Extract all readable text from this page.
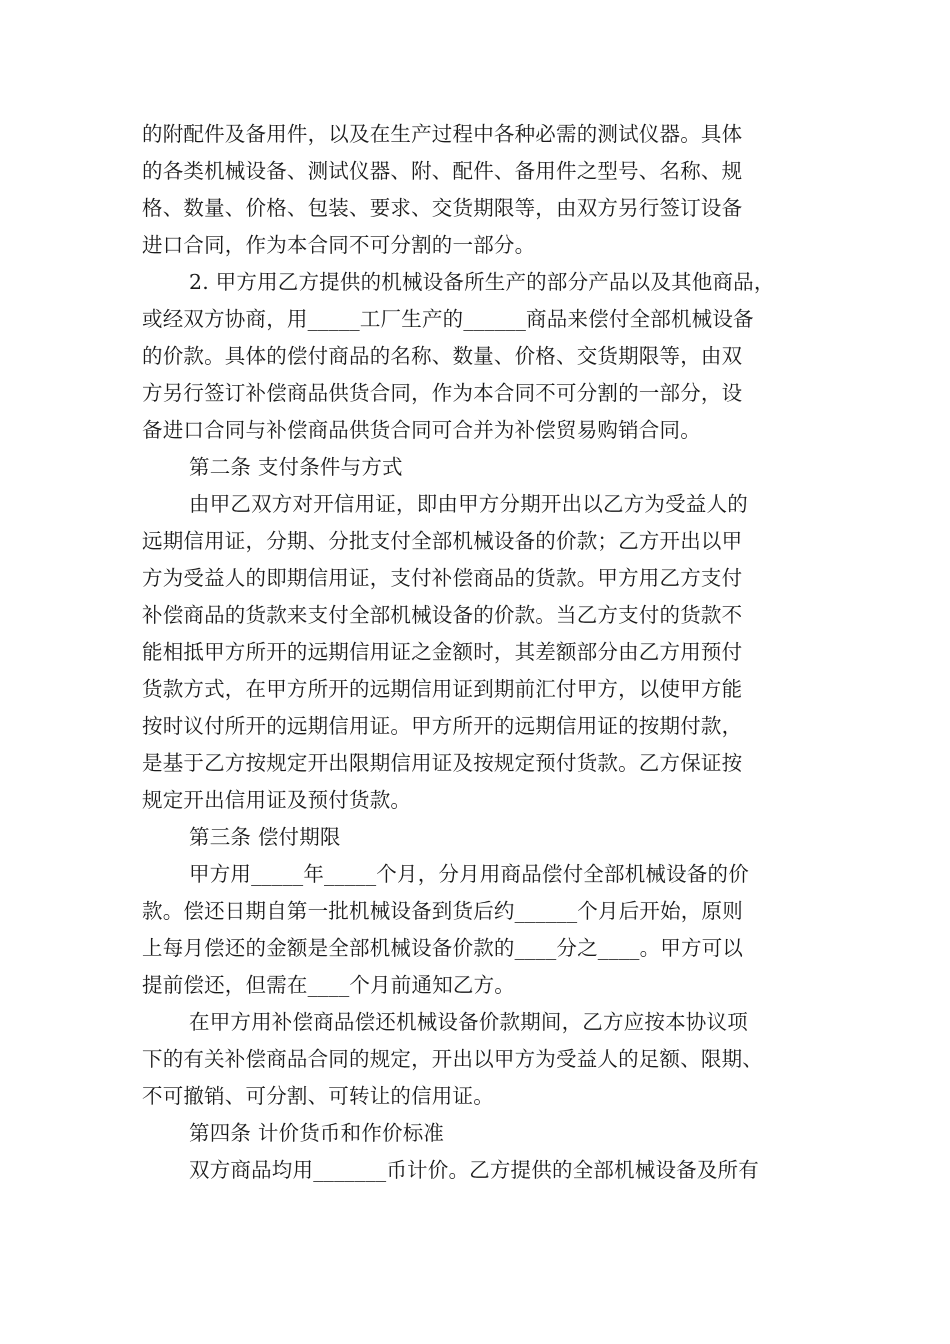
的附配件及备用件，以及在生产过程中各种必需的测试仪器。具体
的各类机械设备、测试仪器、附、配件、备用件之型号、名称、规
格、数量、价格、包装、要求、交货期限等，由双方另行签订设备
进口合同，作为本合同不可分割的一部分。
2. 甲方用乙方提供的机械设备所生产的部分产品以及其他商品，
或经双方协商，用_____工厂生产的______商品来偿付全部机械设备
的价款。具体的偿付商品的名称、数量、价格、交货期限等，由双
方另行签订补偿商品供货合同，作为本合同不可分割的一部分，设
备进口合同与补偿商品供货合同可合并为补偿贸易购销合同。
第二条 支付条件与方式
由甲乙双方对开信用证，即由甲方分期开出以乙方为受益人的
远期信用证，分期、分批支付全部机械设备的价款；乙方开出以甲
方为受益人的即期信用证，支付补偿商品的货款。甲方用乙方支付
补偿商品的货款来支付全部机械设备的价款。当乙方支付的货款不
能相抵甲方所开的远期信用证之金额时，其差额部分由乙方用预付
货款方式，在甲方所开的远期信用证到期前汇付甲方，以使甲方能
按时议付所开的远期信用证。甲方所开的远期信用证的按期付款，
是基于乙方按规定开出限期信用证及按规定预付货款。乙方保证按
规定开出信用证及预付货款。
第三条 偿付期限
甲方用_____年_____个月，分月用商品偿付全部机械设备的价
款。偿还日期自第一批机械设备到货后约______个月后开始，原则
上每月偿还的金额是全部机械设备价款的____分之____。甲方可以
提前偿还，但需在____个月前通知乙方。
在甲方用补偿商品偿还机械设备价款期间，乙方应按本协议项
下的有关补偿商品合同的规定，开出以甲方为受益人的足额、限期、
不可撤销、可分割、可转让的信用证。
第四条 计价货币和作价标准
双方商品均用_______币计价。乙方提供的全部机械设备及所有
